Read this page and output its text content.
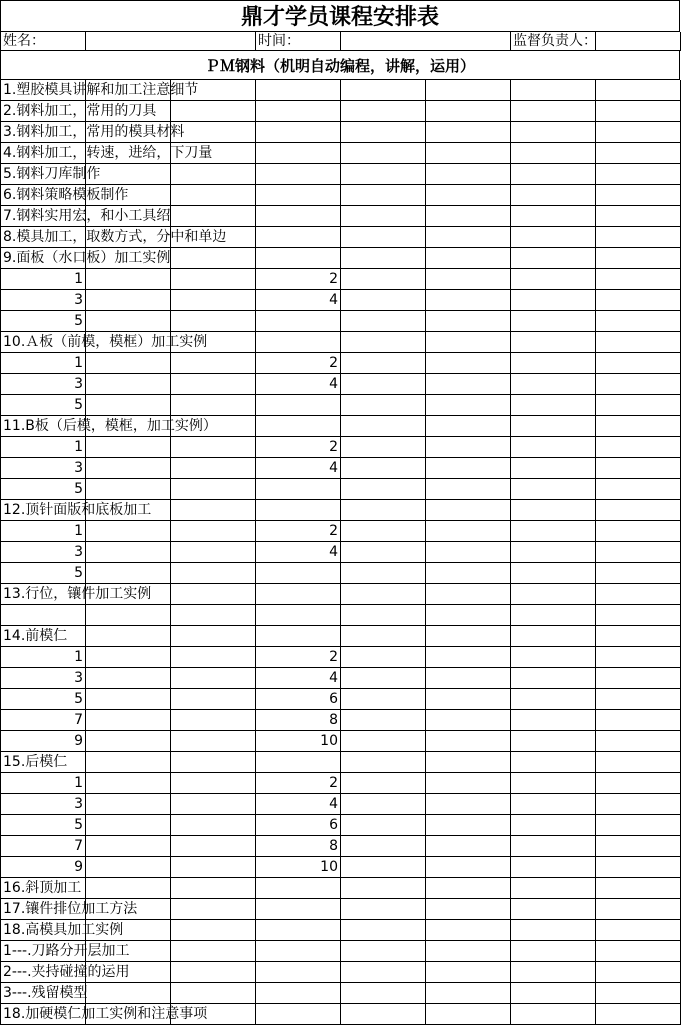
鼎才学员课程安排表
姓名：	时间：	监督负责人：
ＰＭ钢料（机明自动编程，讲解，运用）
1.塑胶模具讲解和加工注意细节
2.钢料加工，常用的刀具
3.钢料加工，常用的模具材料
4.钢料加工，转速，进给，下刀量
5.钢料刀库制作
6.钢料策略模板制作
7.钢料实用宏，和小工具绍
8.模具加工，取数方式，分中和单边
9.面板（水口板）加工实例
1	2
3	4
5
10.Ａ板（前模，模框）加工实例
1	2
3	4
5
11.B板（后模，模框，加工实例）
1	2
3	4
5
12.顶针面版和底板加工
1	2
3	4
5
13.行位，镶件加工实例
14.前模仁
1	2
3	4
5	6
7	8
9	10
15.后模仁
1	2
3	4
5	6
7	8
9	10
16.斜顶加工
17.镶件排位加工方法
18.高模具加工实例
1---.刀路分开层加工
2---.夹持碰撞的运用
3---.残留模型
18.加硬模仁加工实例和注意事项
